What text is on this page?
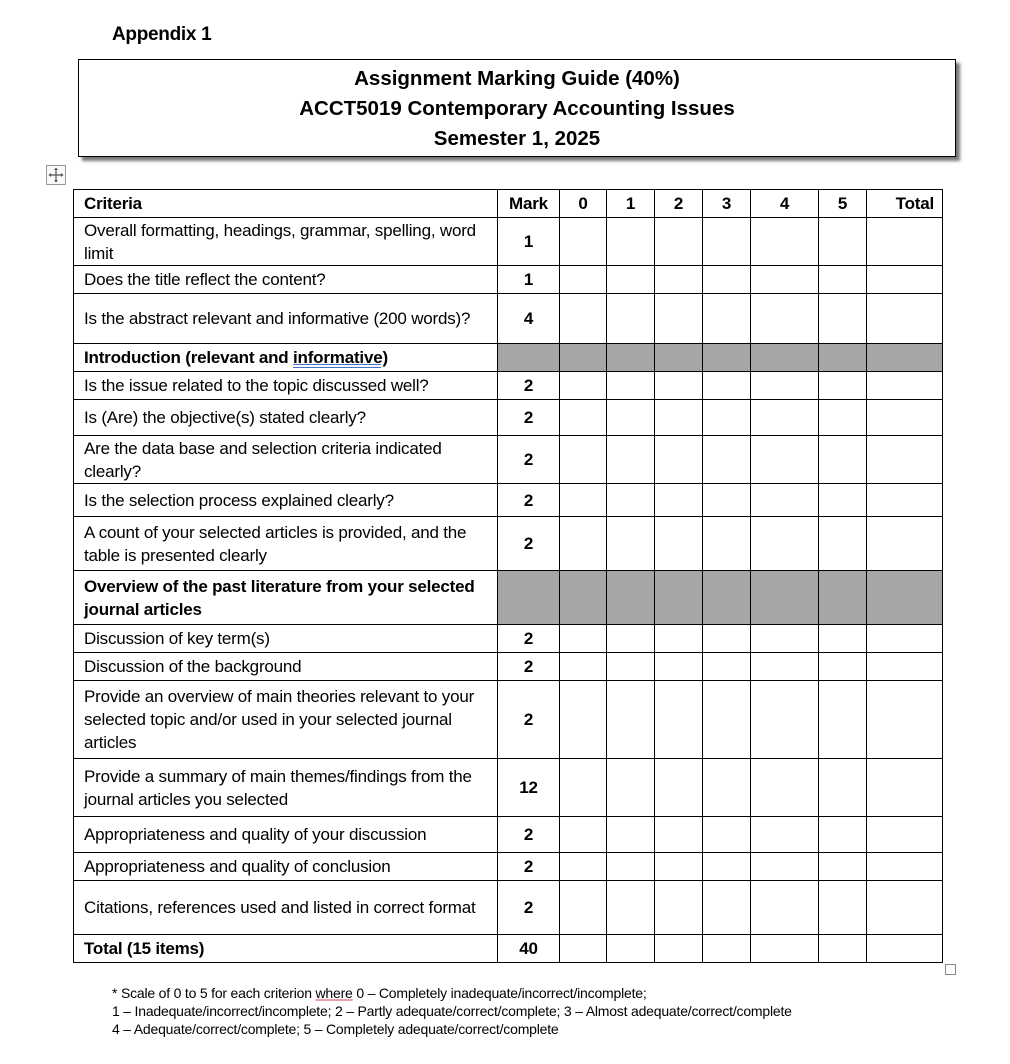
Appendix 1
Assignment Marking Guide (40%)
ACCT5019 Contemporary Accounting Issues
Semester 1, 2025
Criteria	Mark	0	1	2	3	4	5	Total
Overall formatting, headings, grammar, spelling, word limit	1							
Does the title reflect the content?	1							
Is the abstract relevant and informative (200 words)?	4							
Introduction (relevant and informative)								
Is the issue related to the topic discussed well?	2							
Is (Are) the objective(s) stated clearly?	2							
Are the data base and selection criteria indicated clearly?	2							
Is the selection process explained clearly?	2							
A count of your selected articles is provided, and the table is presented clearly	2							
Overview of the past literature from your selected journal articles								
Discussion of key term(s)	2							
Discussion of the background	2							
Provide an overview of main theories relevant to your selected topic and/or used in your selected journal articles	2							
Provide a summary of main themes/findings from the journal articles you selected	12							
Appropriateness and quality of your discussion	2							
Appropriateness and quality of conclusion	2							
Citations, references used and listed in correct format	2							
Total (15 items)	40							
* Scale of 0 to 5 for each criterion where 0 – Completely inadequate/incorrect/incomplete;
1 – Inadequate/incorrect/incomplete; 2 – Partly adequate/correct/complete; 3 – Almost adequate/correct/complete
4 – Adequate/correct/complete; 5 – Completely adequate/correct/complete
